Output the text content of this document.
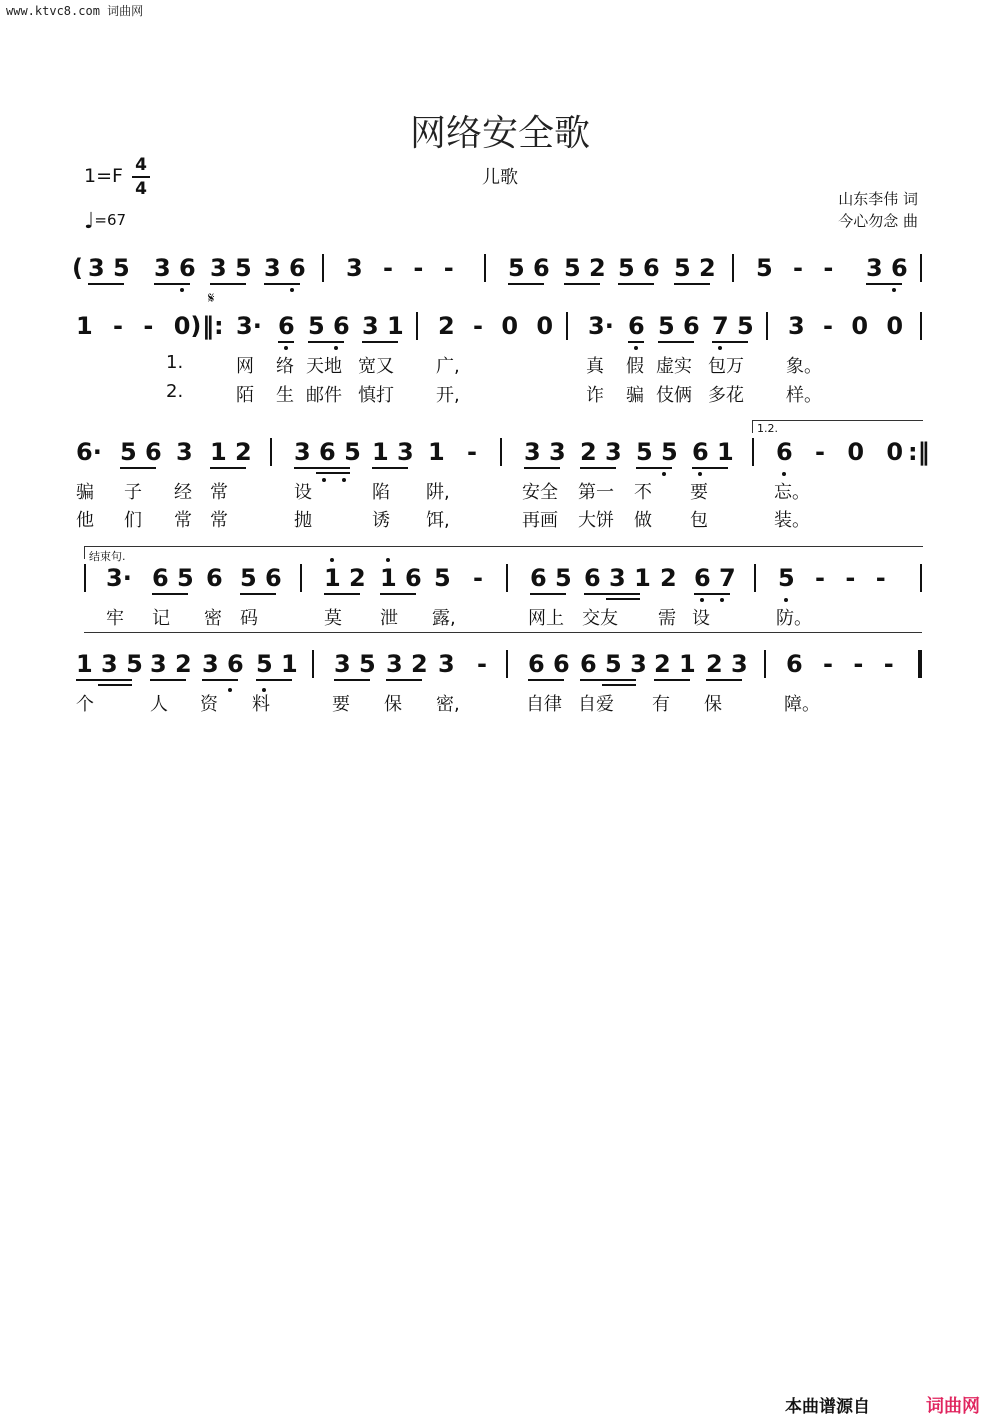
www.ktvc8.com 词曲网
网络安全歌
儿歌
1=F 4
4
♩=67
山东李伟 词
今心勿念 曲
( 3 5 3 6 3 5 3 6 3 - - - 5 6 5 2 5 6 5 2 5 - - 3 6
𝄋
1 - - 0) ‖: 3· 6 5 6 3 1 2 - 0 0 3· 6 5 6 7 5 3 - 0 0
1.	网 络 天地 宽又 广,	真 假 虚实 包万 象。
2.	陌 生 邮件 慎打 开,	诈 骗 伎俩 多花 样。
1.2.
6· 5 6 3 1 2 3 6 5 1 3 1 - 3 3 2 3 5 5 6 1 6 - 0 0 :‖
骗 子 经 常	设	陷 阱,	安全 第一 不 要	忘。
他 们 常 常	抛	诱 饵,	再画 大饼 做 包	装。
结束句.
3· 6 5 6 5 6 1 2 1 6 5 - 6 5 6 3 1 2 6 7 5 - - -
牢 记 密 码	莫 泄 露,	网上 交友 需 设	防。
1 3 5 3 2 3 6 5 1 3 5 3 2 3 - 6 6 6 5 3 2 1 2 3 6 - - -
个	人 资 料	要 保 密,	自律 自爱 有 保	障。
本曲谱源自	词曲网
